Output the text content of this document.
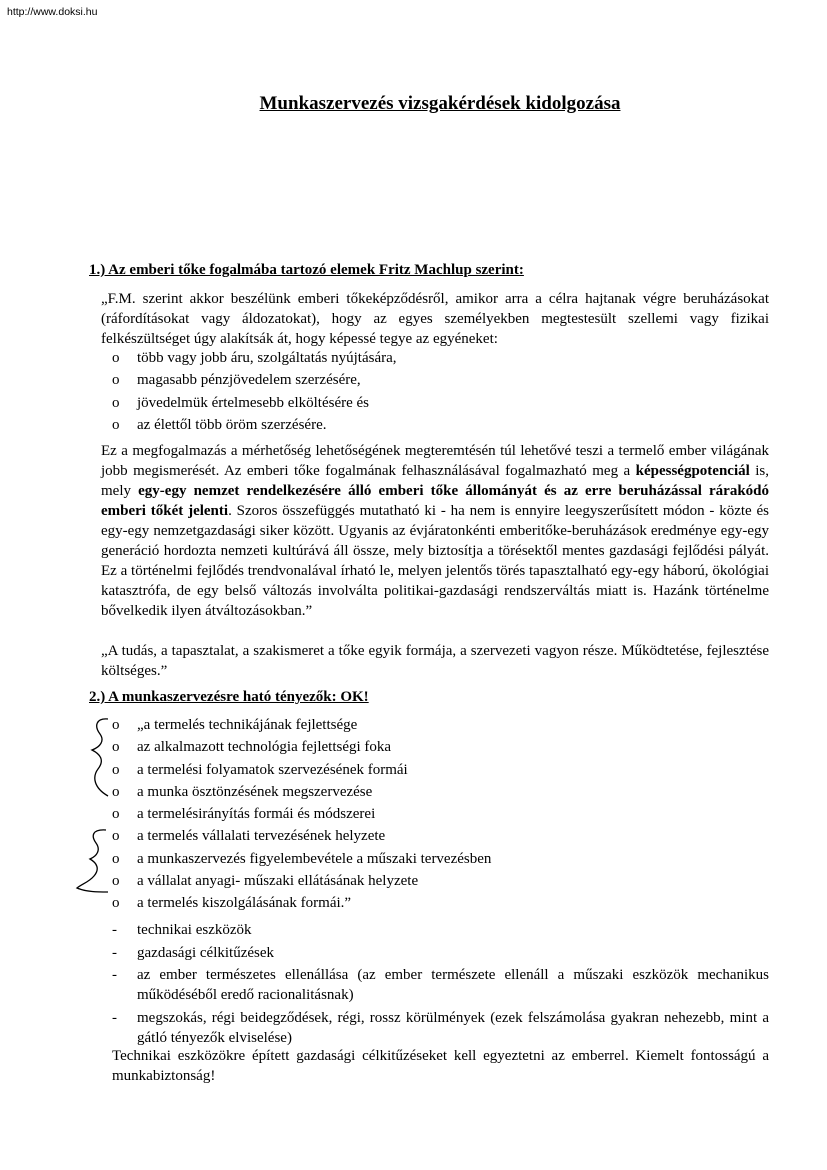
http://www.doksi.hu
Munkaszervezés vizsgakérdések kidolgozása
1.) Az emberi tőke fogalmába tartozó elemek Fritz Machlup szerint:

„F.M. szerint akkor beszélünk emberi tőkeképződésről, amikor arra a célra hajtanak végre beruházásokat (ráfordításokat vagy áldozatokat), hogy az egyes személyekben megtestesült szellemi vagy fizikai felkészültséget úgy alakítsák át, hogy képessé tegye az egyéneket:

o több vagy jobb áru, szolgáltatás nyújtására,
o magasabb pénzjövedelem szerzésére,
o jövedelmük értelmesebb elköltésére és
o az élettől több öröm szerzésére.

Ez a megfogalmazás a mérhetőség lehetőségének megteremtésén túl lehetővé teszi a termelő ember világának jobb megismerését. Az emberi tőke fogalmának felhasználásával fogalmazható meg a képességpotenciál is, mely egy-egy nemzet rendelkezésére álló emberi tőke állományát és az erre beruházással rárakódó emberi tőkét jelenti. Szoros összefüggés mutatható ki - ha nem is ennyire leegyszerűsített módon - közte és egy-egy nemzetgazdasági siker között. Ugyanis az évjáratonkénti emberitőke-beruházások eredménye egy-egy generáció hordozta nemzeti kultúrává áll össze, mely biztosítja a törésektől mentes gazdasági fejlődési pályát. Ez a történelmi fejlődés trendvonalával írható le, melyen jelentős törés tapasztalható egy-egy háború, ökológiai katasztrófa, de egy belső változás involválta politikai-gazdasági rendszerváltás miatt is. Hazánk történelme bővelkedik ilyen átváltozásokban.”

„A tudás, a tapasztalat, a szakismeret a tőke egyik formája, a szervezeti vagyon része. Működtetése, fejlesztése költséges.”

2.) A munkaszervezésre ható tényezők: OK!
o „a termelés technikájának fejlettsége
o az alkalmazott technológia fejlettségi foka
o a termelési folyamatok szervezésének formái
o a munka ösztönzésének megszervezése
o a termelésirányítás formái és módszerei
o a termelés vállalati tervezésének helyzete
o a munkaszervezés figyelembevétele a műszaki tervezésben
o a vállalat anyagi- műszaki ellátásának helyzete
o a termelés kiszolgálásának formái.”
- technikai eszközök
- gazdasági célkitűzések
- az ember természetes ellenállása (az ember természete ellenáll a műszaki eszközök mechanikus működéséből eredő racionalitásnak)
- megszokás, régi beidegződések, régi, rossz körülmények (ezek felszámolása gyakran nehezebb, mint a gátló tényezők elviselése)

Technikai eszközökre épített gazdasági célkitűzéseket kell egyeztetni az emberrel. Kiemelt fontosságú a munkabiztonság!
